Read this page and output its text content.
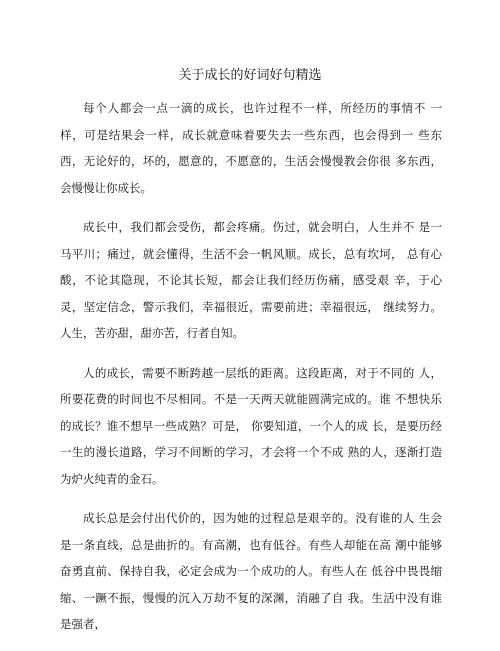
关于成长的好词好句精选

每个人都会一点一滴的成长，也许过程不一样，所经历的事情不 一样，可是结果会一样，成长就意味着要失去一些东西，也会得到一 些东西，无论好的，坏的，愿意的，不愿意的，生活会慢慢教会你很 多东西，会慢慢让你成长。

成长中，我们都会受伤，都会疼痛。伤过，就会明白，人生并不 是一马平川；痛过，就会懂得，生活不会一帆风顺。成长，总有坎坷， 总有心酸，不论其隐现，不论其长短，都会让我们经历伤痛，感受艰 辛，于心灵，坚定信念，警示我们，幸福很近，需要前进；幸福很远， 继续努力。人生，苦亦甜，甜亦苦，行者自知。

人的成长，需要不断跨越一层纸的距离。这段距离，对于不同的 人，所要花费的时间也不尽相同。不是一天两天就能圆满完成的。谁 不想快乐的成长？谁不想早一些成熟？可是， 你要知道，一个人的成 长，是要历经一生的漫长道路，学习不间断的学习，才会将一个不成 熟的人，逐渐打造为炉火纯青的金石。

成长总是会付出代价的，因为她的过程总是艰辛的。没有谁的人 生会是一条直线，总是曲折的。有高潮，也有低谷。有些人却能在高 潮中能够奋勇直前、保持自我，必定会成为一个成功的人。有些人在 低谷中畏畏缩缩、一蹶不振，慢慢的沉入万劫不复的深渊，消融了自 我。生活中没有谁是强者，
